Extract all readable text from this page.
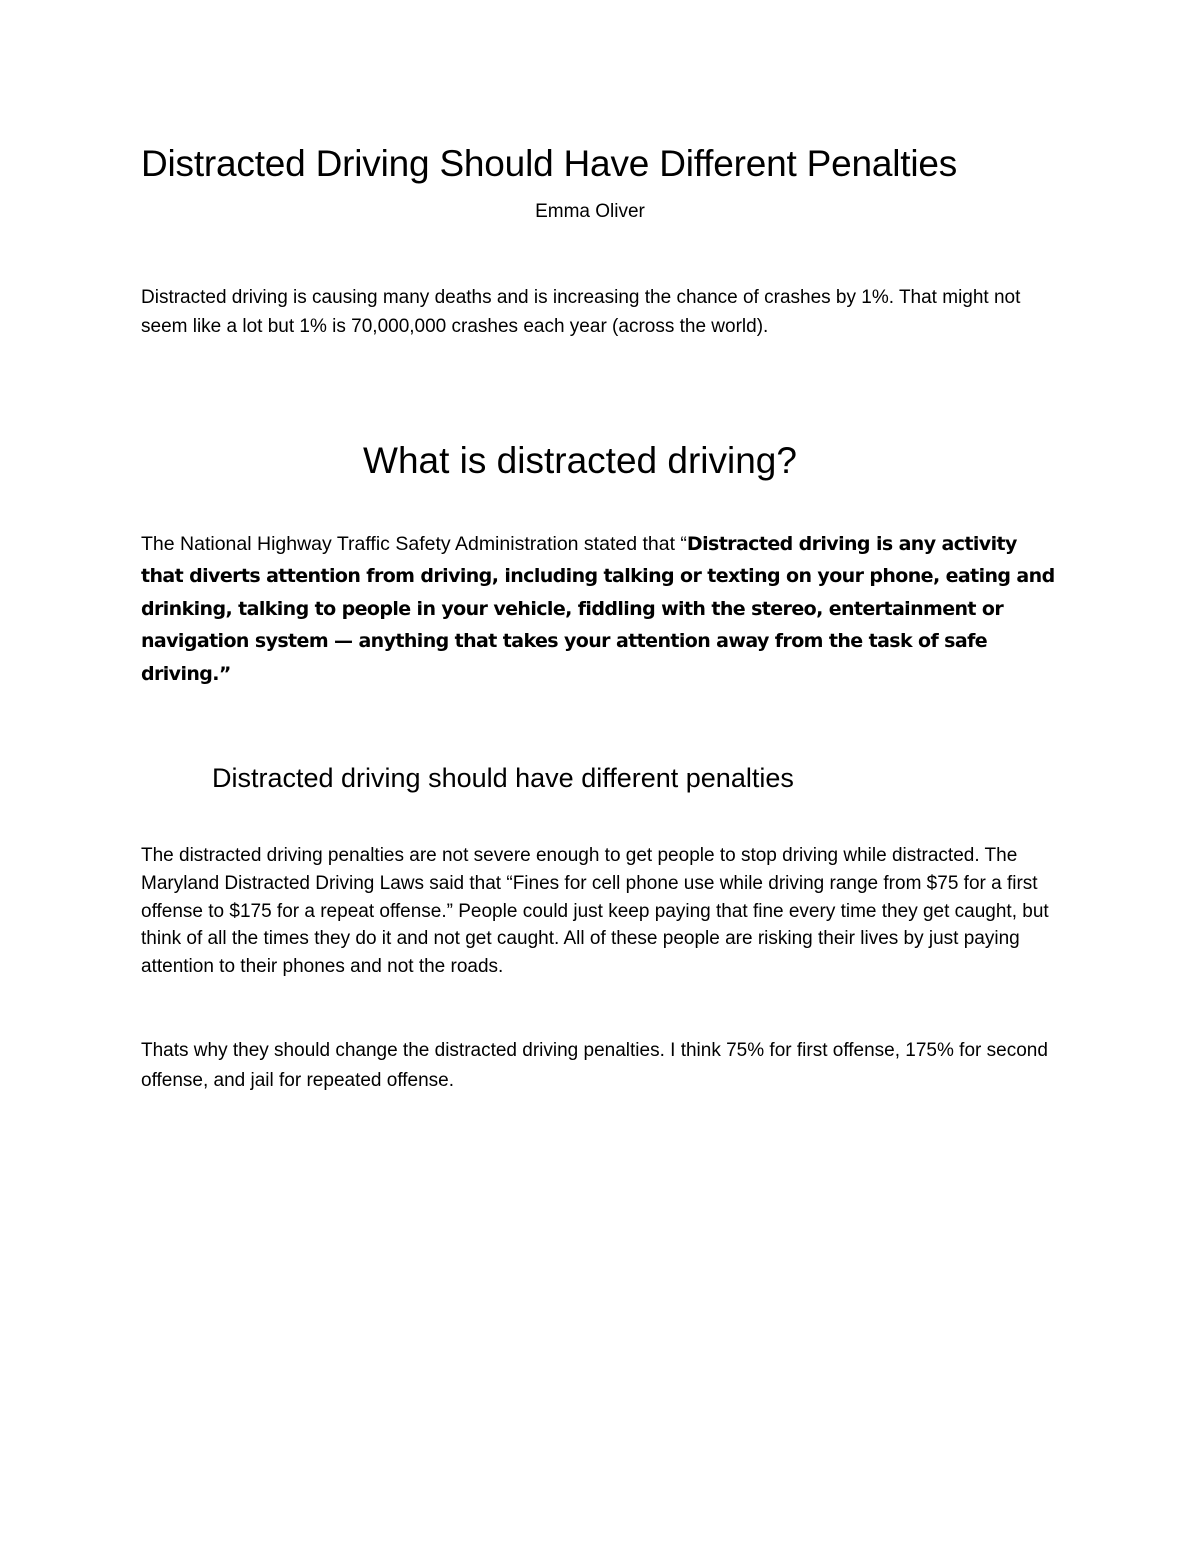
Distracted Driving Should Have Different Penalties
Emma Oliver

Distracted driving is causing many deaths and is increasing the chance of crashes by 1%. That might not seem like a lot but 1% is 70,000,000 crashes each year (across the world).

What is distracted driving?

The National Highway Traffic Safety Administration stated that “Distracted driving is any activity that diverts attention from driving, including talking or texting on your phone, eating and drinking, talking to people in your vehicle, fiddling with the stereo, entertainment or navigation system — anything that takes your attention away from the task of safe driving.”

Distracted driving should have different penalties

The distracted driving penalties are not severe enough to get people to stop driving while distracted. The Maryland Distracted Driving Laws said that “Fines for cell phone use while driving range from $75 for a first offense to $175 for a repeat offense.” People could just keep paying that fine every time they get caught, but think of all the times they do it and not get caught. All of these people are risking their lives by just paying attention to their phones and not the roads.

Thats why they should change the distracted driving penalties. I think 75% for first offense, 175% for second offense, and jail for repeated offense.
